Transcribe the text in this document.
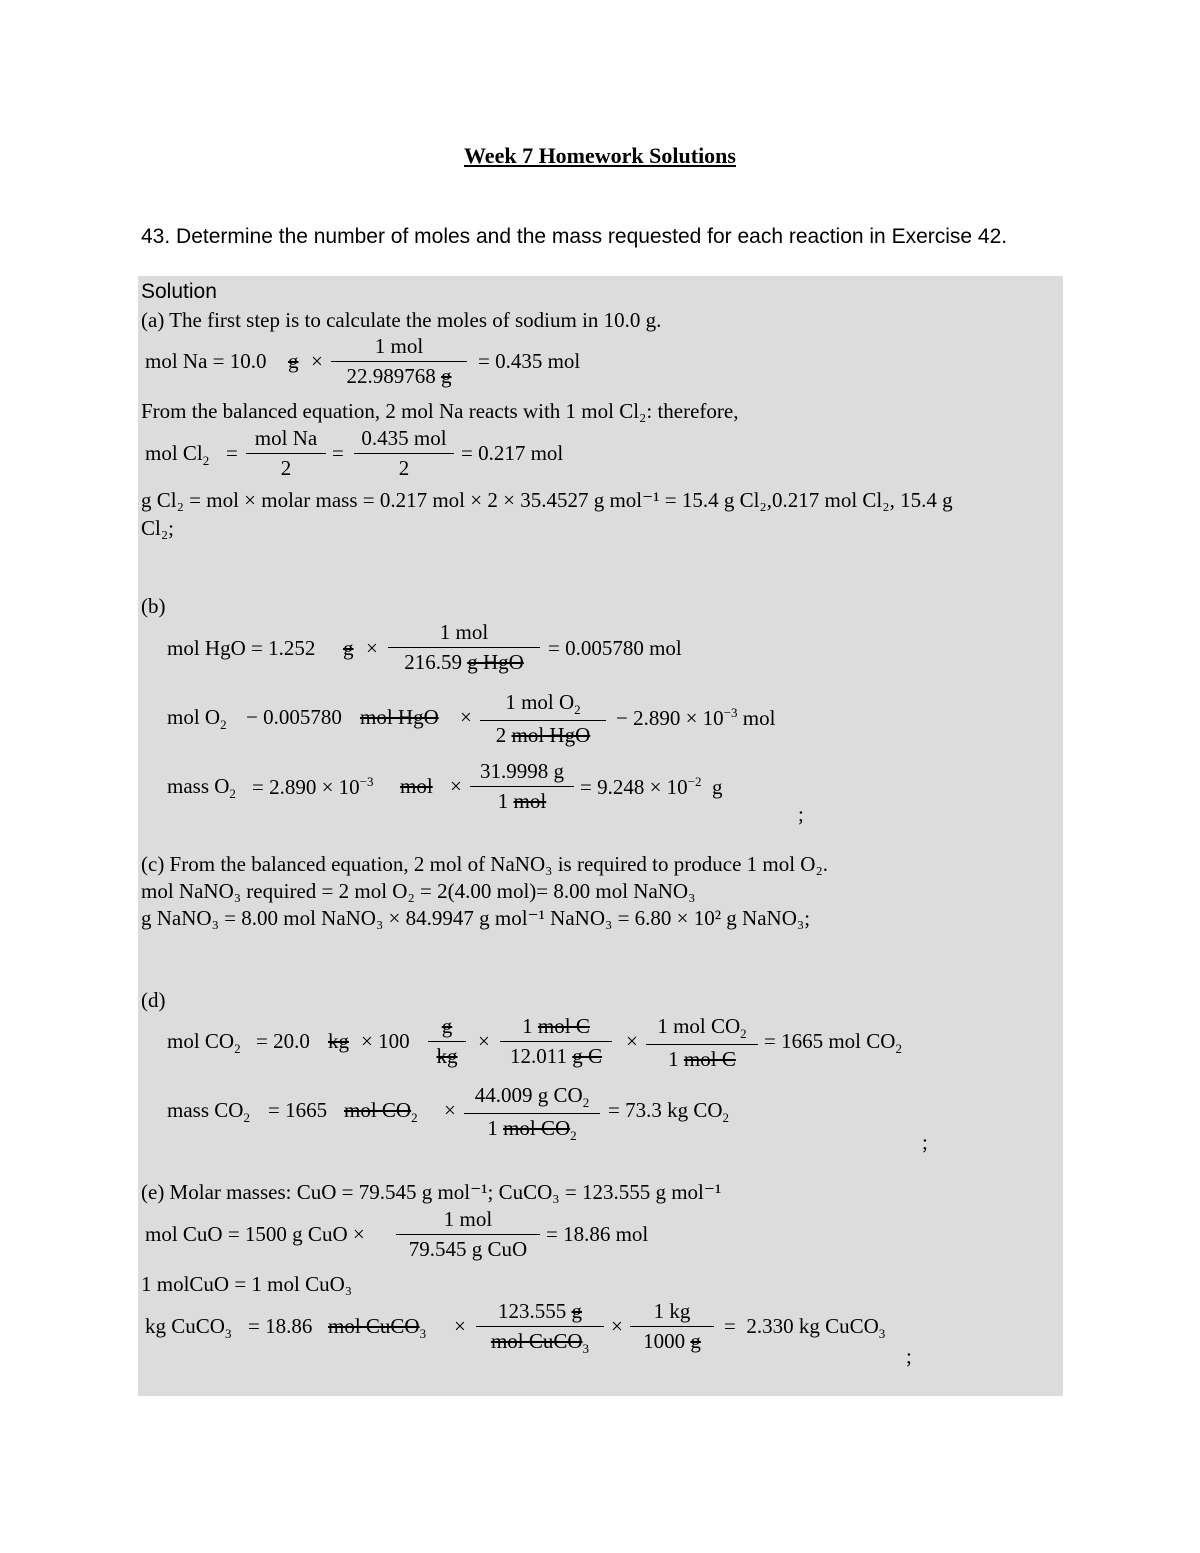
Week 7 Homework Solutions
43. Determine the number of moles and the mass requested for each reaction in Exercise 42.
Solution
(a) The first step is to calculate the moles of sodium in 10.0 g.
mol Na = 10.0 g ×
1 mol
22.989768 g
= 0.435 mol
From the balanced equation, 2 mol Na reacts with 1 mol Cl₂: therefore,
mol $Cl_2$ =
mol Na
2
=
0.435 mol
2
= 0.217 mol
g Cl₂ = mol × molar mass = 0.217 mol × 2 × 35.4527 g mol⁻¹ = 15.4 g Cl₂,0.217 mol Cl₂, 15.4 g
Cl₂;
(b)
mol HgO = 1.252 g ×
1 mol
216.59 g HgO
= 0.005780 mol
mol $O_2 - 0.005780$ mol HgO ×
1 mol $O_2$
2 mol HgO
− $2.890 \times 10^{-3}$ mol
mass $O_2 = 2.890 \times 10^{-3}$ mol ×
31.9998 g
1 mol
= $9.248 \times 10^{-2}$ g
;
(c) From the balanced equation, 2 mol of NaNO₃ is required to produce 1 mol O₂.
mol NaNO₃ required = 2 mol O₂ = 2(4.00 mol)= 8.00 mol NaNO₃
g NaNO₃ = 8.00 mol NaNO₃ × 84.9947 g mol⁻¹ NaNO₃ = 6.80 × 10² g NaNO₃;
(d)
mol $CO_2 = 20.0$ kg × $100 \frac{g}{kg}$ ×
1 mol C
12.011 g C
×
1 mol $CO_2$
1 mol C
= 1665 mol $CO_2$
mass $CO_2 = 1665$ mol $CO_2$ ×
44.009 g $CO_2$
1 mol $CO_2$
= 73.3 kg $CO_2$
;
(e) Molar masses: CuO = 79.545 g mol⁻¹; CuCO₃ = 123.555 g mol⁻¹
mol CuO = 1500 g CuO ×
1 mol
79.545 g CuO
= 18.86 mol
1 molCuO = 1 mol CuO₃
kg CuCO$_3$ = 18.86 mol CuCO$_3$ ×
123.555 g
mol CuCO$_3$
× $\frac{1 kg}{1000 g} = 2.330$ kg CuCO$_3$
;
